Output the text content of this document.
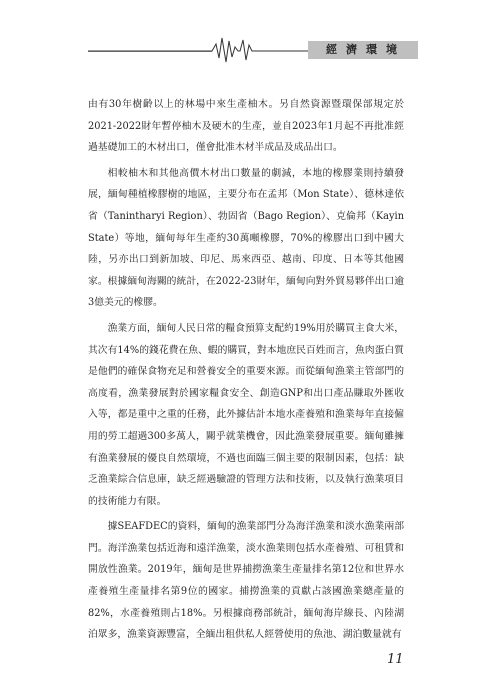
經濟環境

由有30年樹齡以上的林場中來生產柚木。另自然資源暨環保部規定於2021-2022財年暫停柚木及硬木的生產，並自2023年1月起不再批准經過基礎加工的木材出口，僅會批准木材半成品及成品出口。

相較柚木和其他高價木材出口數量的劇減，本地的橡膠業則持續發展，緬甸種植橡膠樹的地區，主要分布在孟邦（Mon State）、德林達依省（Tanintharyi Region）、勃固省（Bago Region）、克倫邦（Kayin State）等地，緬甸每年生產約30萬噸橡膠，70%的橡膠出口到中國大陸，另亦出口到新加坡、印尼、馬來西亞、越南、印度、日本等其他國家。根據緬甸海關的統計，在2022-23財年，緬甸向對外貿易夥伴出口逾3億美元的橡膠。

漁業方面，緬甸人民日常的糧食預算支配約19%用於購買主食大米，其次有14%的錢花費在魚、蝦的購買，對本地庶民百姓而言，魚肉蛋白質是他們的確保食物充足和營養安全的重要來源。而從緬甸漁業主管部門的高度看，漁業發展對於國家糧食安全、創造GNP和出口產品賺取外匯收入等，都是重中之重的任務，此外據估計本地水產養殖和漁業每年直接僱用的勞工超過300多萬人，關乎就業機會，因此漁業發展重要。緬甸雖擁有漁業發展的優良自然環境，不過也面臨三個主要的限制因素，包括：缺乏漁業綜合信息庫，缺乏經過驗證的管理方法和技術，以及執行漁業項目的技術能力有限。

據SEAFDEC的資料，緬甸的漁業部門分為海洋漁業和淡水漁業兩部門。海洋漁業包括近海和遠洋漁業，淡水漁業則包括水產養殖、可租賃和開放性漁業。2019年，緬甸是世界捕撈漁業生產量排名第12位和世界水產養殖生產量排名第9位的國家。捕撈漁業的貢獻占該國漁業總產量的82%，水產養殖則占18%。另根據商務部統計，緬甸海岸線長、內陸湖泊眾多，漁業資源豐富，全緬出租供私人經營使用的魚池、湖泊數量就有

11
